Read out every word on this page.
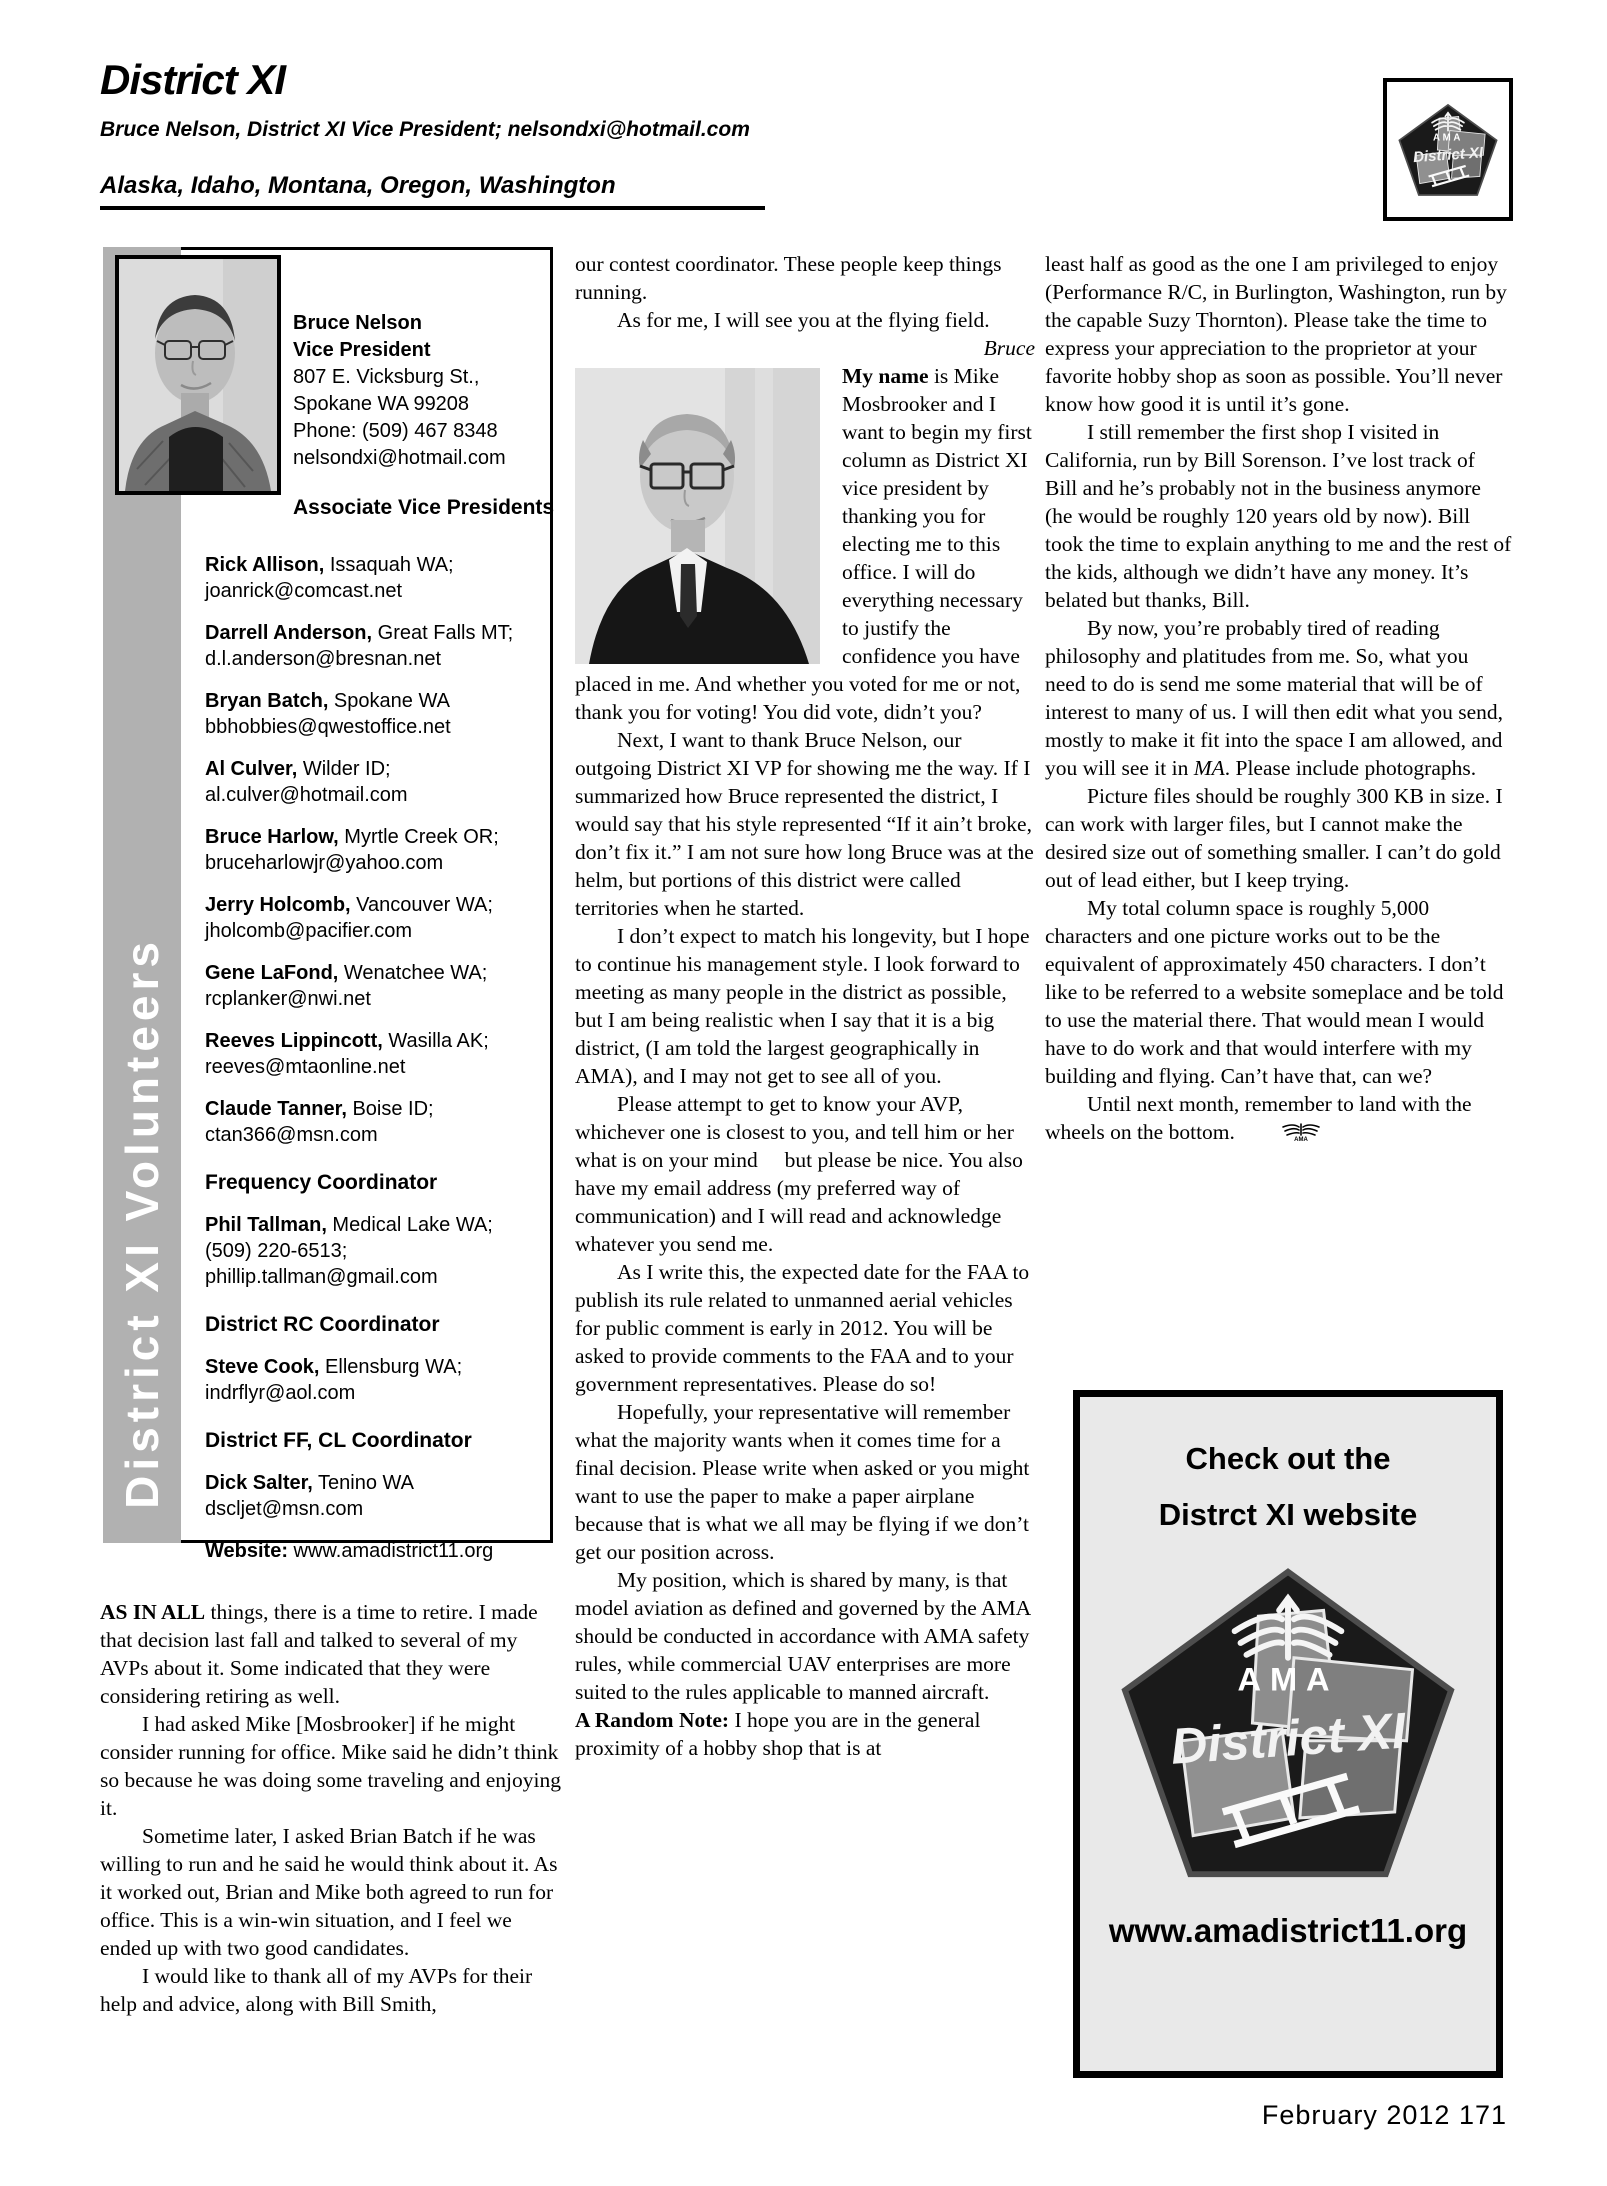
District XI
Bruce Nelson, District XI Vice President; nelsondxi@hotmail.com
Alaska, Idaho, Montana, Oregon, Washington
AMA
District XI
District XI Volunteers
Bruce Nelson
Vice President
807 E. Vicksburg St.,
Spokane WA 99208
Phone: (509) 467 8348
nelsondxi@hotmail.com
Associate Vice Presidents
Rick Allison, Issaquah WA;
joanrick@comcast.net
Darrell Anderson, Great Falls MT;
d.l.anderson@bresnan.net
Bryan Batch, Spokane WA
bbhobbies@qwestoffice.net
Al Culver, Wilder ID;
al.culver@hotmail.com
Bruce Harlow, Myrtle Creek OR;
bruceharlowjr@yahoo.com
Jerry Holcomb, Vancouver WA;
jholcomb@pacifier.com
Gene LaFond, Wenatchee WA;
rcplanker@nwi.net
Reeves Lippincott, Wasilla AK;
reeves@mtaonline.net
Claude Tanner, Boise ID;
ctan366@msn.com
Frequency Coordinator
Phil Tallman, Medical Lake WA;
(509) 220-6513;
phillip.tallman@gmail.com
District RC Coordinator
Steve Cook, Ellensburg WA;
indrflyr@aol.com
District FF, CL Coordinator
Dick Salter, Tenino WA
dscljet@msn.com
Website: www.amadistrict11.org

AS IN ALL things, there is a time to retire. I made that decision last fall and talked to several of my AVPs about it. Some indicated that they were considering retiring as well.

I had asked Mike [Mosbrooker] if he might consider running for office. Mike said he didn’t think so because he was doing some traveling and enjoying it.

Sometime later, I asked Brian Batch if he was willing to run and he said he would think about it. As it worked out, Brian and Mike both agreed to run for office. This is a win-win situation, and I feel we ended up with two good candidates.

I would like to thank all of my AVPs for their help and advice, along with Bill Smith,

our contest coordinator. These people keep things running.

As for me, I will see you at the flying field.

Bruce

My name is Mike Mosbrooker and I want to begin my first column as District XI vice president by thanking you for electing me to this office. I will do everything necessary to justify the confidence you have placed in me. And whether you voted for me or not, thank you for voting! You did vote, didn’t you?

Next, I want to thank Bruce Nelson, our outgoing District XI VP for showing me the way. If I summarized how Bruce represented the district, I would say that his style represented “If it ain’t broke, don’t fix it.” I am not sure how long Bruce was at the helm, but portions of this district were called territories when he started.

I don’t expect to match his longevity, but I hope to continue his management style. I look forward to meeting as many people in the district as possible, but I am being realistic when I say that it is a big district, (I am told the largest geographically in AMA), and I may not get to see all of you.

Please attempt to get to know your AVP, whichever one is closest to you, and tell him or her what is on your mind  but please be nice. You also have my email address (my preferred way of communication) and I will read and acknowledge whatever you send me.

As I write this, the expected date for the FAA to publish its rule related to unmanned aerial vehicles for public comment is early in 2012. You will be asked to provide comments to the FAA and to your government representatives. Please do so!

Hopefully, your representative will remember what the majority wants when it comes time for a final decision. Please write when asked or you might want to use the paper to make a paper airplane because that is what we all may be flying if we don’t get our position across.

My position, which is shared by many, is that model aviation as defined and governed by the AMA should be conducted in accordance with AMA safety rules, while commercial UAV enterprises are more suited to the rules applicable to manned aircraft.

A Random Note: I hope you are in the general proximity of a hobby shop that is at

least half as good as the one I am privileged to enjoy (Performance R/C, in Burlington, Washington, run by the capable Suzy Thornton). Please take the time to express your appreciation to the proprietor at your favorite hobby shop as soon as possible. You’ll never know how good it is until it’s gone.

I still remember the first shop I visited in California, run by Bill Sorenson. I’ve lost track of Bill and he’s probably not in the business anymore (he would be roughly 120 years old by now). Bill took the time to explain anything to me and the rest of the kids, although we didn’t have any money. It’s belated but thanks, Bill.

By now, you’re probably tired of reading philosophy and platitudes from me. So, what you need to do is send me some material that will be of interest to many of us. I will then edit what you send, mostly to make it fit into the space I am allowed, and you will see it in MA. Please include photographs.

Picture files should be roughly 300 KB in size. I can work with larger files, but I cannot make the desired size out of something smaller. I can’t do gold out of lead either, but I keep trying.

My total column space is roughly 5,000 characters and one picture works out to be the equivalent of approximately 450 characters. I don’t like to be referred to a website someplace and be told to use the material there. That would mean I would have to do work and that would interfere with my building and flying. Can’t have that, can we?

Until next month, remember to land with the wheels on the bottom.	AMA

Check out the
Distrct XI website
AMA
District XI
www.amadistrict11.org
February 2012 171
